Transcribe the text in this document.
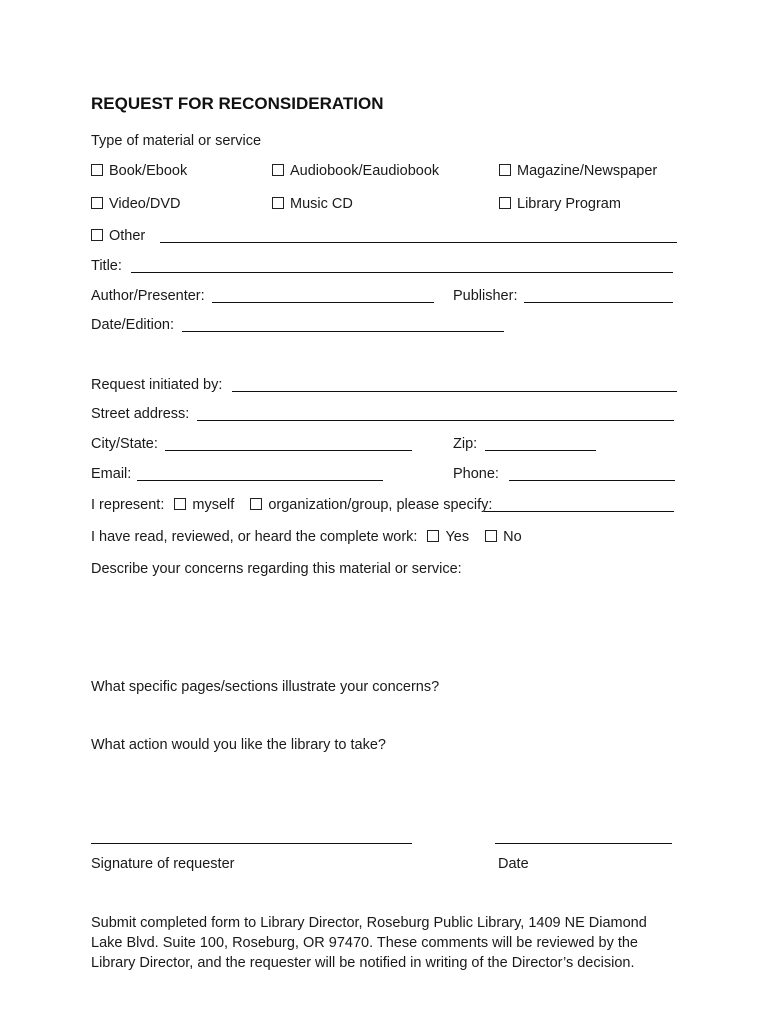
REQUEST FOR RECONSIDERATION
Type of material or service
Book/Ebook	Audiobook/Eaudiobook	Magazine/Newspaper
Video/DVD	Music CD	Library Program
Other
Title:
Author/Presenter:	Publisher:
Date/Edition:
Request initiated by:
Street address:
City/State:	Zip:
Email:	Phone:
I represent: myself organization/group, please specify:
I have read, reviewed, or heard the complete work: Yes No
Describe your concerns regarding this material or service:
What specific pages/sections illustrate your concerns?
What action would you like the library to take?
Signature of requester	Date
Submit completed form to Library Director, Roseburg Public Library, 1409 NE Diamond Lake Blvd. Suite 100, Roseburg, OR 97470. These comments will be reviewed by the Library Director, and the requester will be notified in writing of the Director’s decision.
